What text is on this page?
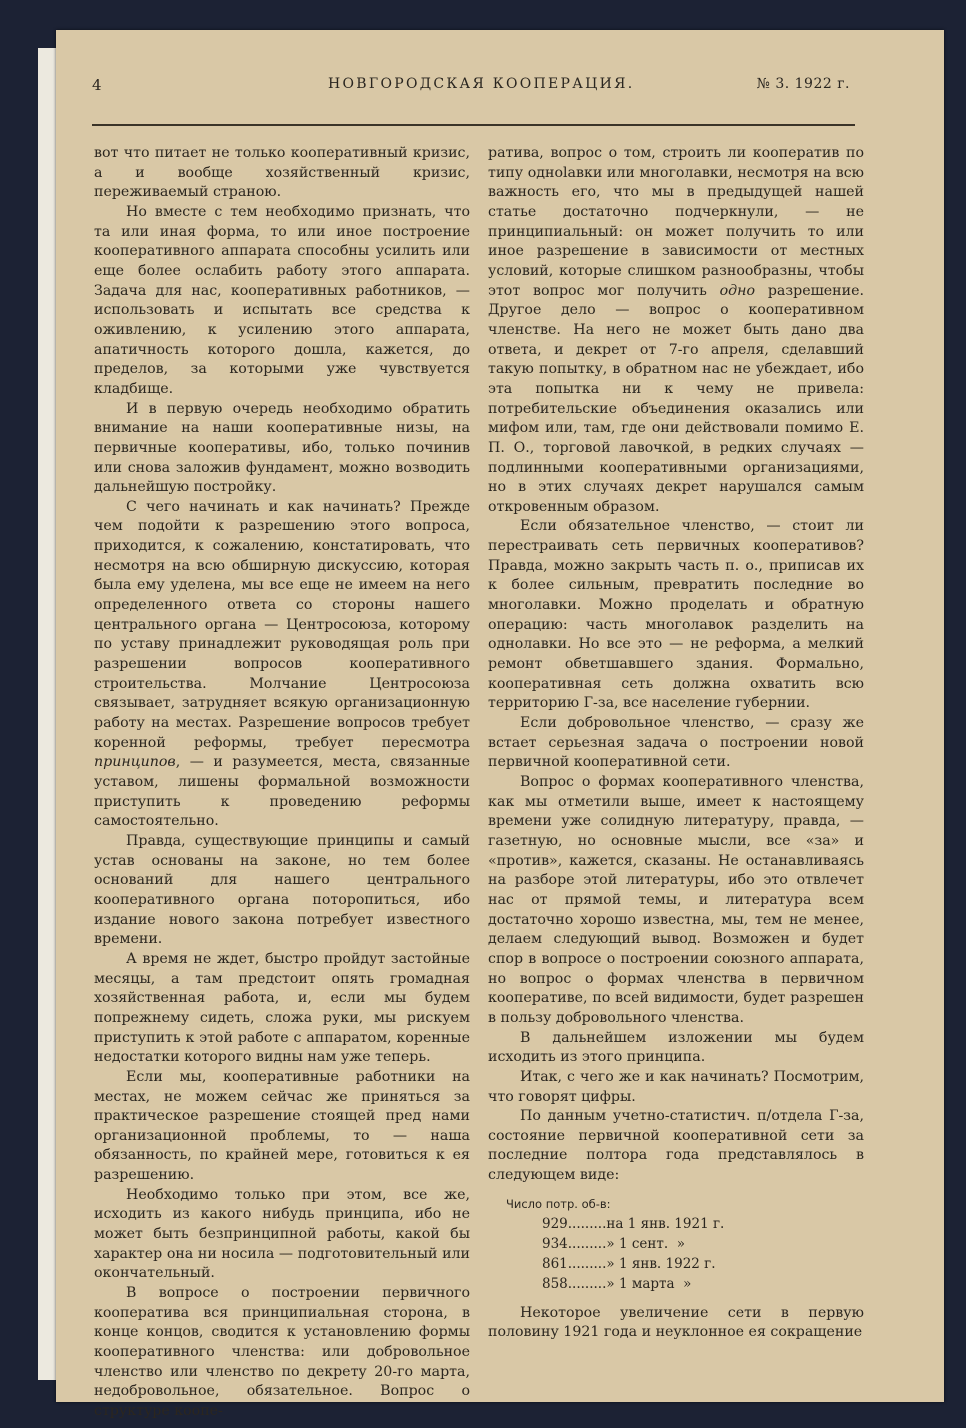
4	НОВГОРОДСКАЯ КООПЕРАЦИЯ.	№ 3. 1922 г.

вот что питает не только кооперативный кризис, а и вообще хозяйственный кризис, переживаемый страною.

Но вместе с тем необходимо признать, что та или иная форма, то или иное построение кооперативного аппарата способны усилить или еще более ослабить работу этого аппарата. Задача для нас, кооперативных работников, — использовать и испытать все средства к оживлению, к усилению этого аппарата, апатичность которого дошла, кажется, до пределов, за которыми уже чувствуется кладбище.

И в первую очередь необходимо обратить внимание на наши кооперативные низы, на первичные кооперативы, ибо, только починив или снова заложив фундамент, можно возводить дальнейшую постройку.

С чего начинать и как начинать? Прежде чем подойти к разрешению этого вопроса, приходится, к сожалению, констатировать, что несмотря на всю обширную дискуссию, которая была ему уделена, мы все еще не имеем на него определенного ответа со стороны нашего центрального органа — Центросоюза, которому по уставу принадлежит руководящая роль при разрешении вопросов кооперативного строительства. Молчание Центросоюза связывает, затрудняет всякую организационную работу на местах. Разрешение вопросов требует коренной реформы, требует пересмотра принципов, — и разумеется, места, связанные уставом, лишены формальной возможности приступить к проведению реформы самостоятельно.

Правда, существующие принципы и самый устав основаны на законе, но тем более оснований для нашего центрального кооперативного органа поторопиться, ибо издание нового закона потребует известного времени.

А время не ждет, быстро пройдут застойные месяцы, а там предстоит опять громадная хозяйственная работа, и, если мы будем попрежнему сидеть, сложа руки, мы рискуем приступить к этой работе с аппаратом, коренные недостатки которого видны нам уже теперь.

Если мы, кооперативные работники на местах, не можем сейчас же приняться за практическое разрешение стоящей пред нами организационной проблемы, то — наша обязанность, по крайней мере, готовиться к ея разрешению.

Необходимо только при этом, все же, исходить из какого нибудь принципа, ибо не может быть безпринципной работы, какой бы характер она ни носила — подготовительный или окончательный.

В вопросе о построении первичного кооператива вся принципиальная сторона, в конце концов, сводится к установлению формы кооперативного членства: или добровольное членство или членство по декрету 20-го марта, недобровольное, обязательное. Вопрос о структуре коопе-

ратива, вопрос о том, строить ли кооператив по типу одноlавки или многолавки, несмотря на всю важность его, что мы в предыдущей нашей статье достаточно подчеркнули, — не принципиальный: он может получить то или иное разрешение в зависимости от местных условий, которые слишком разнообразны, чтобы этот вопрос мог получить одно разрешение. Другое дело — вопрос о кооперативном членстве. На него не может быть дано два ответа, и декрет от 7-го апреля, сделавший такую попытку, в обратном нас не убеждает, ибо эта попытка ни к чему не привела: потребительские объединения оказались или мифом или, там, где они действовали помимо Е. П. О., торговой лавочкой, в редких случаях — подлинными кооперативными организациями, но в этих случаях декрет нарушался самым откровенным образом.

Если обязательное членство, — стоит ли перестраивать сеть первичных кооперативов? Правда, можно закрыть часть п. о., приписав их к более сильным, превратить последние во многолавки. Можно проделать и обратную операцию: часть многолавок разделить на однолавки. Но все это — не реформа, а мелкий ремонт обветшавшего здания. Формально, кооперативная сеть должна охватить всю территорию Г-за, все население губернии.

Если добровольное членство, — сразу же встает серьезная задача о построении новой первичной кооперативной сети.

Вопрос о формах кооперативного членства, как мы отметили выше, имеет к настоящему времени уже солидную литературу, правда, — газетную, но основные мысли, все «за» и «против», кажется, сказаны. Не останавливаясь на разборе этой литературы, ибо это отвлечет нас от прямой темы, и литература всем достаточно хорошо известна, мы, тем не менее, делаем следующий вывод. Возможен и будет спор в вопросе о построении союзного аппарата, но вопрос о формах членства в первичном кооперативе, по всей видимости, будет разрешен в пользу добровольного членства.

В дальнейшем изложении мы будем исходить из этого принципа.

Итак, с чего же и как начинать? Посмотрим, что говорят цифры.

По данным учетно-статистич. п/отдела Г-за, состояние первичной кооперативной сети за последние полтора года представлялось в следующем виде:

Число потр. об-в:
929.........на 1 янв. 1921 г.
934.........» 1 сент.  »
861.........» 1 янв. 1922 г.
858.........» 1 марта  »

Некоторое увеличение сети в первую половину 1921 года и неуклонное ея сокращение
